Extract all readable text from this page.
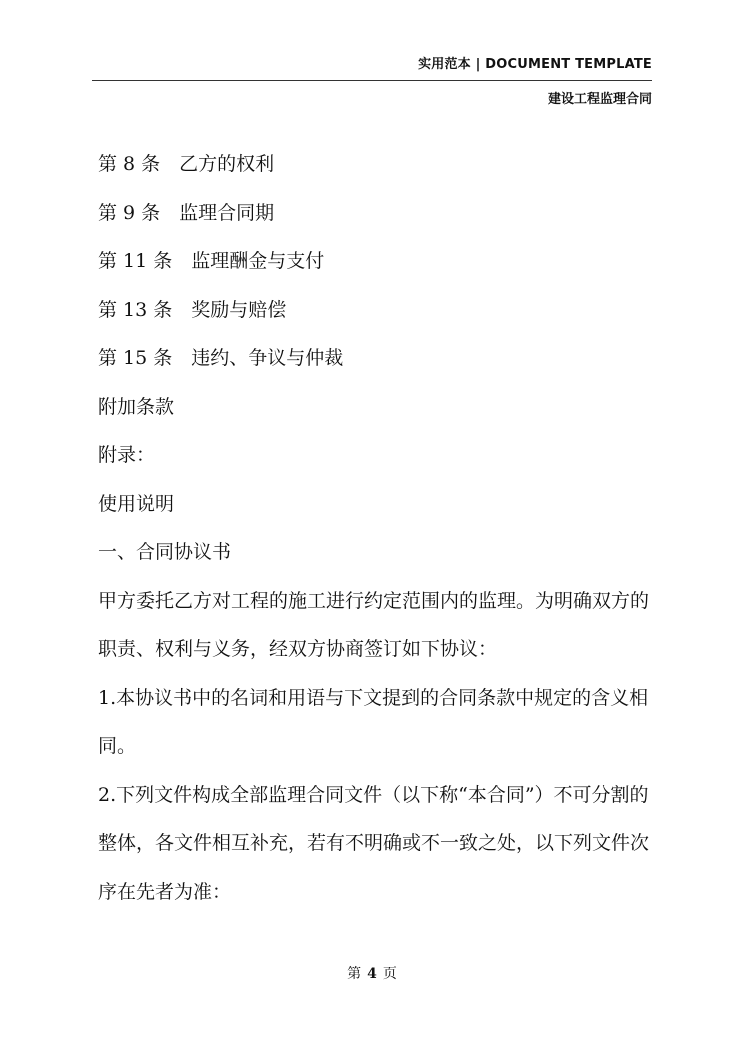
实用范本 | DOCUMENT TEMPLATE
建设工程监理合同
第 8 条　乙方的权利
第 9 条　监理合同期
第 11 条　监理酬金与支付
第 13 条　奖励与赔偿
第 15 条　违约、争议与仲裁
附加条款
附录：
使用说明
一、合同协议书
甲方委托乙方对工程的施工进行约定范围内的监理。为明确双方的
职责、权利与义务，经双方协商签订如下协议：
1.本协议书中的名词和用语与下文提到的合同条款中规定的含义相
同。
2.下列文件构成全部监理合同文件（以下称“本合同”）不可分割的
整体，各文件相互补充，若有不明确或不一致之处，以下列文件次
序在先者为准：
第 4 页
